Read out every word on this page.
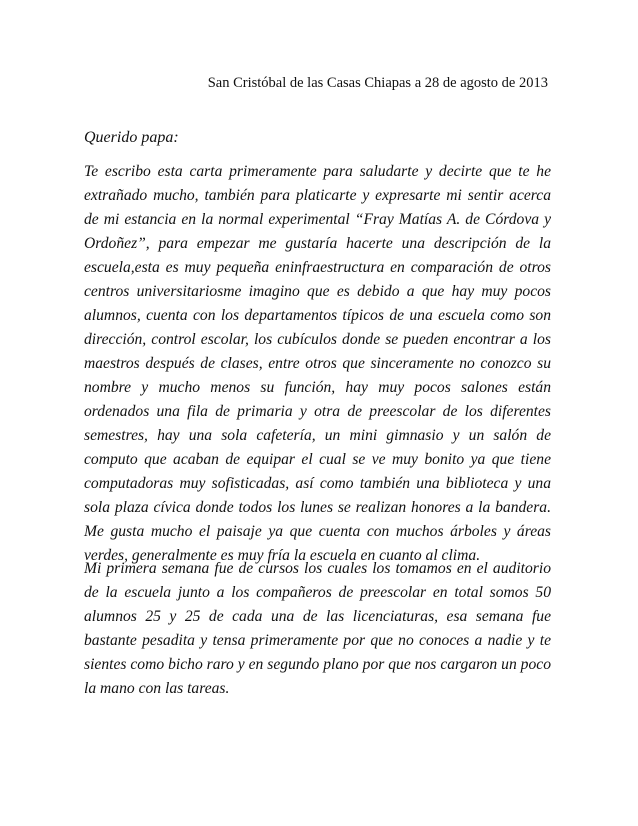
San Cristóbal de las Casas Chiapas a 28 de agosto de 2013
Querido papa:

Te escribo esta carta primeramente para saludarte y decirte que te he extrañado mucho, también para platicarte y expresarte mi sentir acerca de mi estancia en la normal experimental “Fray Matías A. de Córdova y Ordoñez”, para empezar me gustaría hacerte una descripción de la escuela,esta es muy pequeña eninfraestructura en comparación de otros centros universitariosme imagino que es debido a que hay muy pocos alumnos, cuenta con los departamentos típicos de una escuela como son dirección, control escolar, los cubículos donde se pueden encontrar a los maestros después de clases, entre otros que sinceramente no conozco su nombre y mucho menos su función, hay muy pocos salones están ordenados una fila de primaria y otra de preescolar de los diferentes semestres, hay una sola cafetería, un mini gimnasio y un salón de computo que acaban de equipar el cual se ve muy bonito ya que tiene computadoras muy sofisticadas, así como también una biblioteca y una sola plaza cívica donde todos los lunes se realizan honores a la bandera. Me gusta mucho el paisaje ya que cuenta con muchos árboles y áreas verdes, generalmente es muy fría la escuela en cuanto al clima.

Mi primera semana fue de cursos los cuales los tomamos en el auditorio de la escuela junto a los compañeros de preescolar en total somos 50 alumnos 25 y 25 de cada una de las licenciaturas, esa semana fue bastante pesadita y tensa primeramente por que no conoces a nadie y te sientes como bicho raro y en segundo plano por que nos cargaron un poco la mano con las tareas.
